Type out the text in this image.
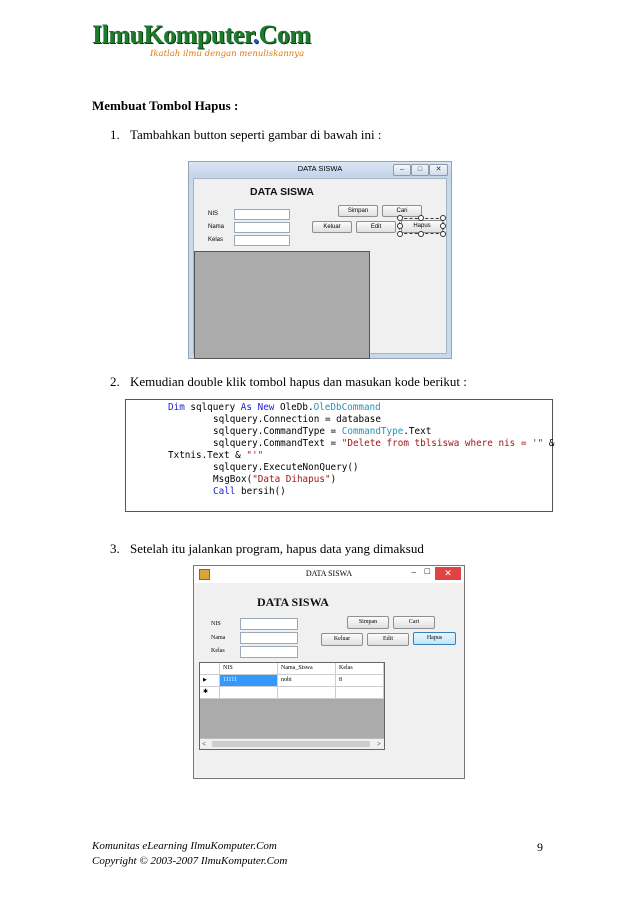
IlmuKomputer.Com
Ikatlah ilmu dengan menuliskannya
Membuat Tombol Hapus :
1. Tambahkan button seperti gambar di bawah ini :
DATA SISWA	–	□	✕
DATA SISWA
NIS
Nama
Kelas
Simpan	Cari
Keluar	Edit	Hapus
2. Kemudian double klik tombol hapus dan masukan kode berikut :
Dim sqlquery As New OleDb.OleDbCommand
sqlquery.Connection = database
sqlquery.CommandType = CommandType.Text
sqlquery.CommandText = "Delete from tblsiswa where nis = '" &
Txtnis.Text & "'"
sqlquery.ExecuteNonQuery()
MsgBox("Data Dihapus")
Call bersih()
3. Setelah itu jalankan program, hapus data yang dimaksud
DATA SISWA	– □	✕
DATA SISWA
NIS
Nama
Kelas
Simpan	Cari
Keluar	Edit	Hapus
NIS	Nama_Siswa	Kelas
▶	11111	nobi	8
✱
<	>
Komunitas eLearning IlmuKomputer.Com
Copyright © 2003-2007 IlmuKomputer.Com
9
